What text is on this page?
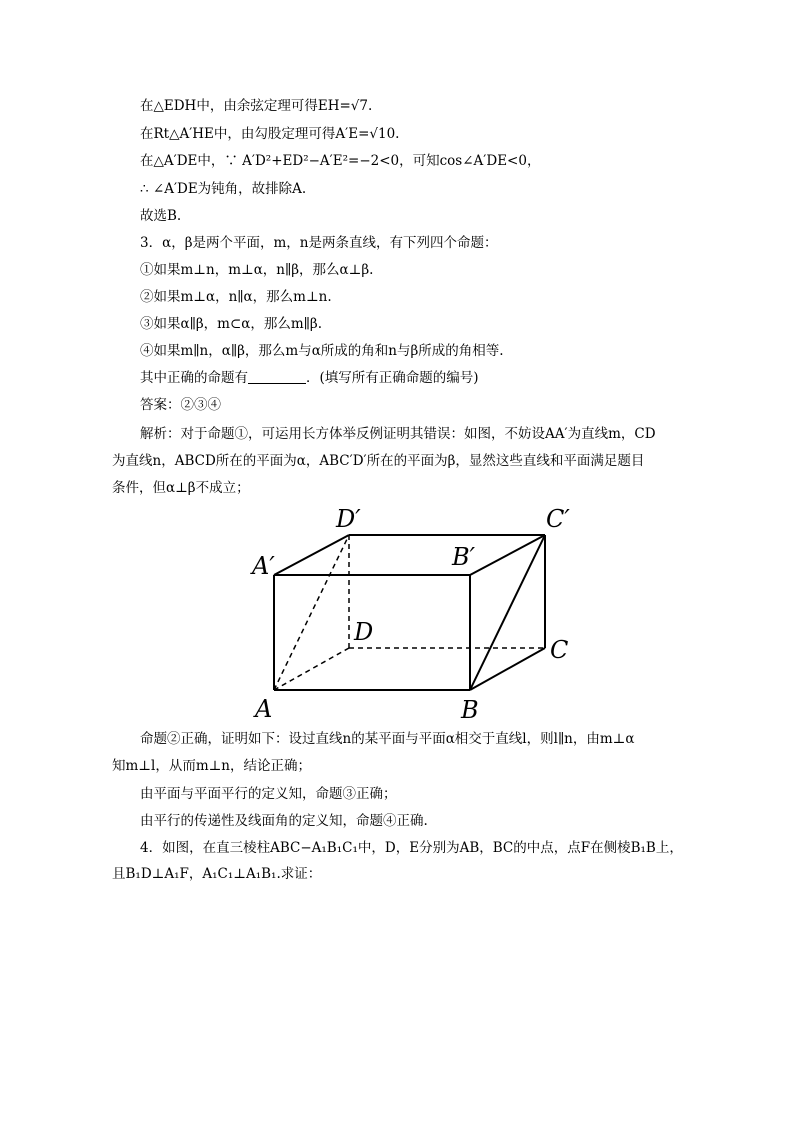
在△EDH中，由余弦定理可得EH=√7.
在Rt△A′HE中，由勾股定理可得A′E=√10.
在△A′DE中，∵ A′D²+ED²−A′E²=−2<0，可知cos∠A′DE<0，
∴ ∠A′DE为钝角，故排除A.
故选B.
3．α，β是两个平面，m，n是两条直线，有下列四个命题：
①如果m⊥n，m⊥α，n∥β，那么α⊥β.
②如果m⊥α，n∥α，那么m⊥n.
③如果α∥β，m⊂α，那么m∥β.
④如果m∥n，α∥β，那么m与α所成的角和n与β所成的角相等.
其中正确的命题有	．(填写所有正确命题的编号)
答案：②③④
解析：对于命题①，可运用长方体举反例证明其错误：如图，不妨设AA′为直线m，CD
为直线n，ABCD所在的平面为α，ABC′D′所在的平面为β，显然这些直线和平面满足题目
条件，但α⊥β不成立；
D′	C′
A′	B′
D
C
A	B
命题②正确，证明如下：设过直线n的某平面与平面α相交于直线l，则l∥n，由m⊥α
知m⊥l，从而m⊥n，结论正确；
由平面与平面平行的定义知，命题③正确；
由平行的传递性及线面角的定义知，命题④正确.
4．如图，在直三棱柱ABC−A₁B₁C₁中，D，E分别为AB，BC的中点，点F在侧棱B₁B上，
且B₁D⊥A₁F，A₁C₁⊥A₁B₁.求证：
